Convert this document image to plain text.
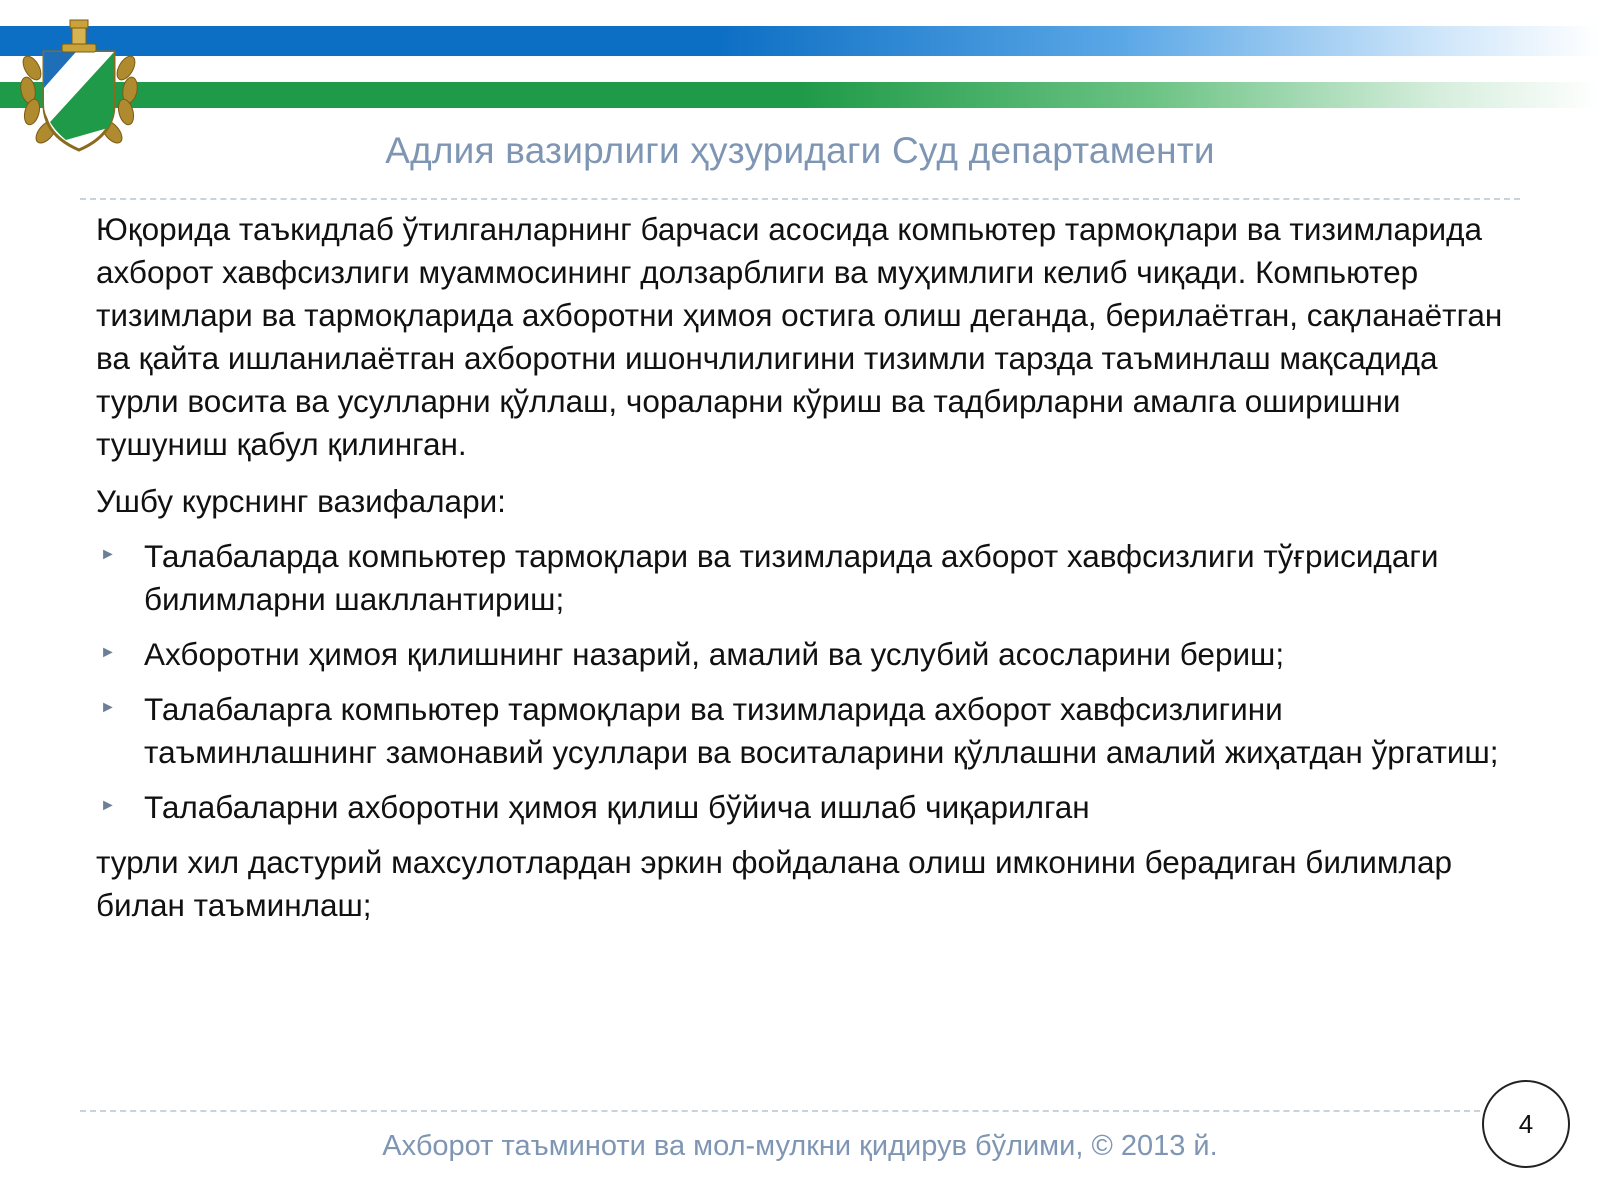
Адлия вазирлиги ҳузуридаги Суд департаменти

Юқорида таъкидлаб ўтилганларнинг барчаси асосида компьютер тармоқлари ва тизимларида ахборот хавфсизлиги муаммосининг долзарблиги ва муҳимлиги келиб чиқади. Компьютер тизимлари ва тармоқларида ахборотни ҳимоя остига олиш деганда, берилаётган, сақланаётган ва қайта ишланилаётган ахборотни ишончлилигини тизимли тарзда таъминлаш мақсадида турли восита ва усулларни қўллаш, чораларни кўриш ва тадбирларни амалга оширишни тушуниш қабул қилинган.

Ушбу курснинг вазифалари:

► Талабаларда компьютер тармоқлари ва тизимларида ахборот хавфсизлиги тўғрисидаги билимларни шакллантириш;
► Ахборотни ҳимоя қилишнинг назарий, амалий ва услубий асосларини бериш;
► Талабаларга компьютер тармоқлари ва тизимларида ахборот хавфсизлигини таъминлашнинг замонавий усуллари ва воситаларини қўллашни амалий жиҳатдан ўргатиш;
► Талабаларни ахборотни ҳимоя қилиш бўйича ишлаб чиқарилган

турли хил дастурий махсулотлардан эркин фойдалана олиш имконини берадиган билимлар билан таъминлаш;

Ахборот таъминоти ва мол-мулкни қидирув бўлими, © 2013 й.
4
